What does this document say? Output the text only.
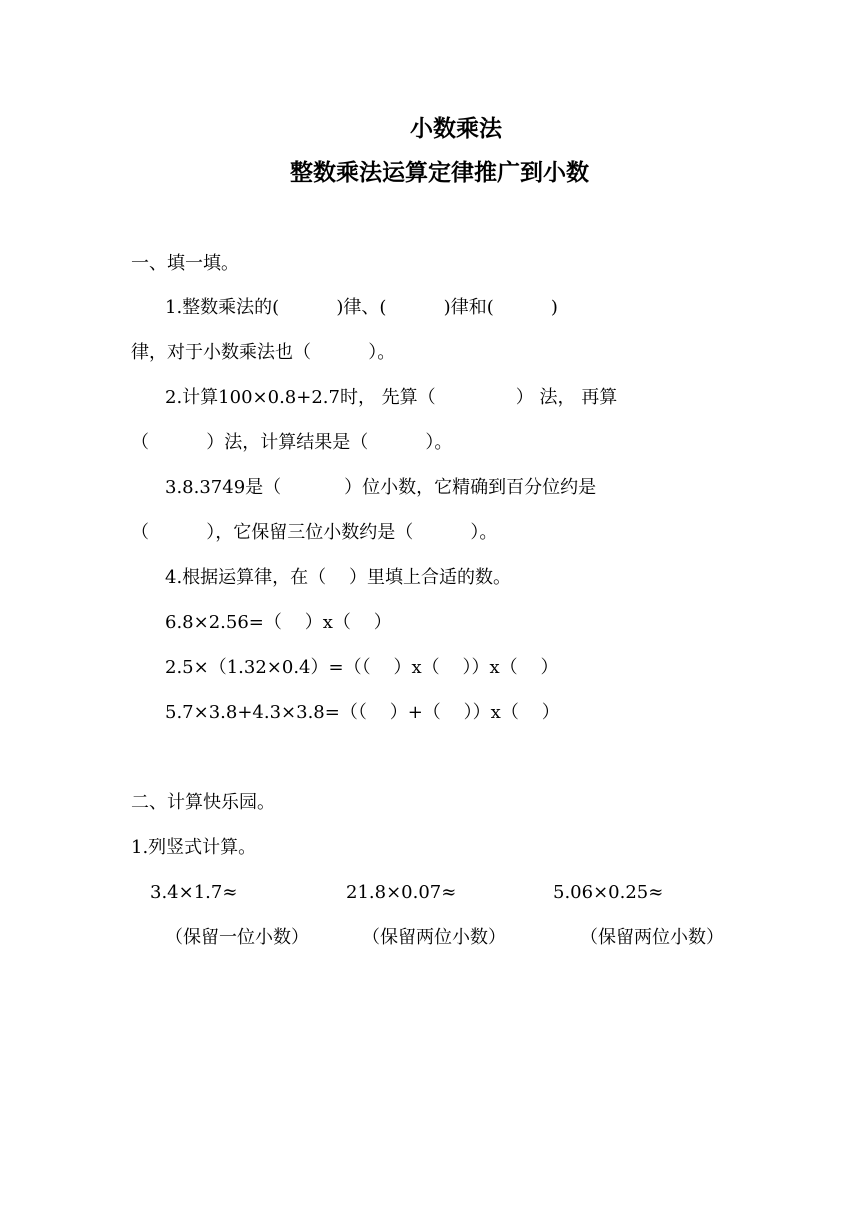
小数乘法
整数乘法运算定律推广到小数
一、填一填。
1.整数乘法的(          )律、(          )律和(          )
律，对于小数乘法也（          ）。
2.计算100×0.8+2.7时， 先算（              ） 法， 再算
（          ）法，计算结果是（          ）。
3.8.3749是（           ）位小数，它精确到百分位约是
（          ），它保留三位小数约是（          ）。
4.根据运算律，在（    ）里填上合适的数。
6.8×2.56=（    ）x（    ）
2.5×（1.32×0.4）=（（    ）x（    ））x（    ）
5.7×3.8+4.3×3.8=（（    ）+（    ））x（    ）
二、计算快乐园。
1.列竖式计算。
3.4×1.7≈	21.8×0.07≈	5.06×0.25≈
（保留一位小数）	（保留两位小数）	（保留两位小数）
